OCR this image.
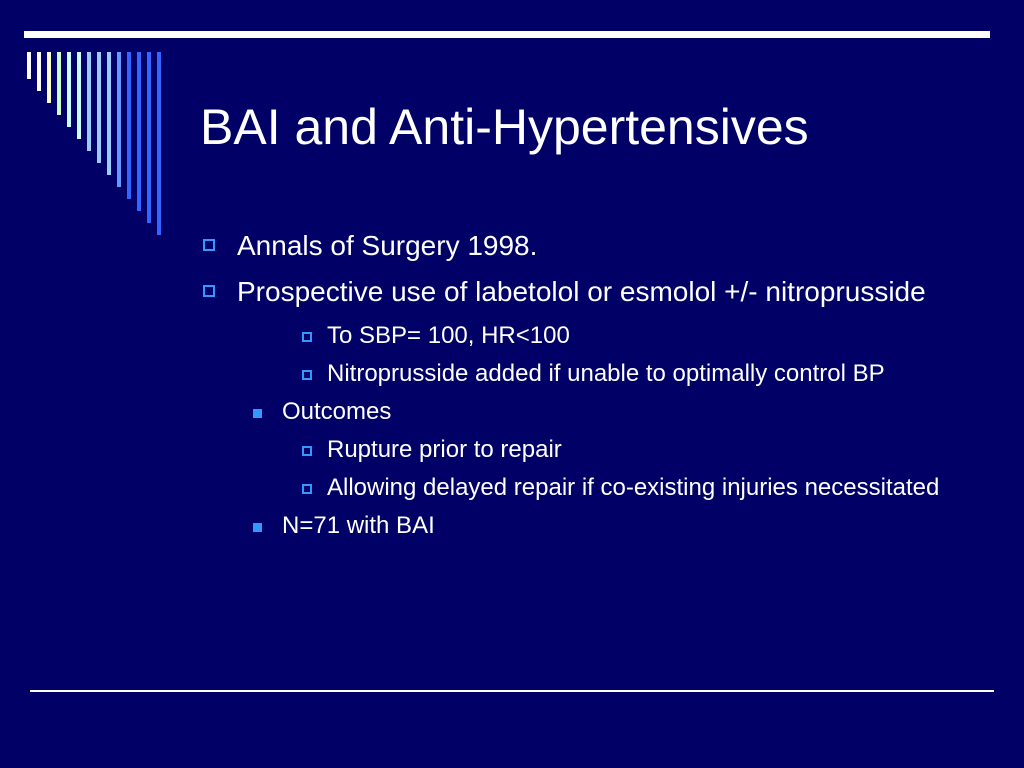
BAI and Anti-Hypertensives
Annals of Surgery 1998.
Prospective use of labetolol or esmolol +/- nitroprusside
To SBP= 100, HR<100
Nitroprusside added if unable to optimally control BP
Outcomes
Rupture prior to repair
Allowing delayed repair if co-existing injuries necessitated
N=71 with BAI
